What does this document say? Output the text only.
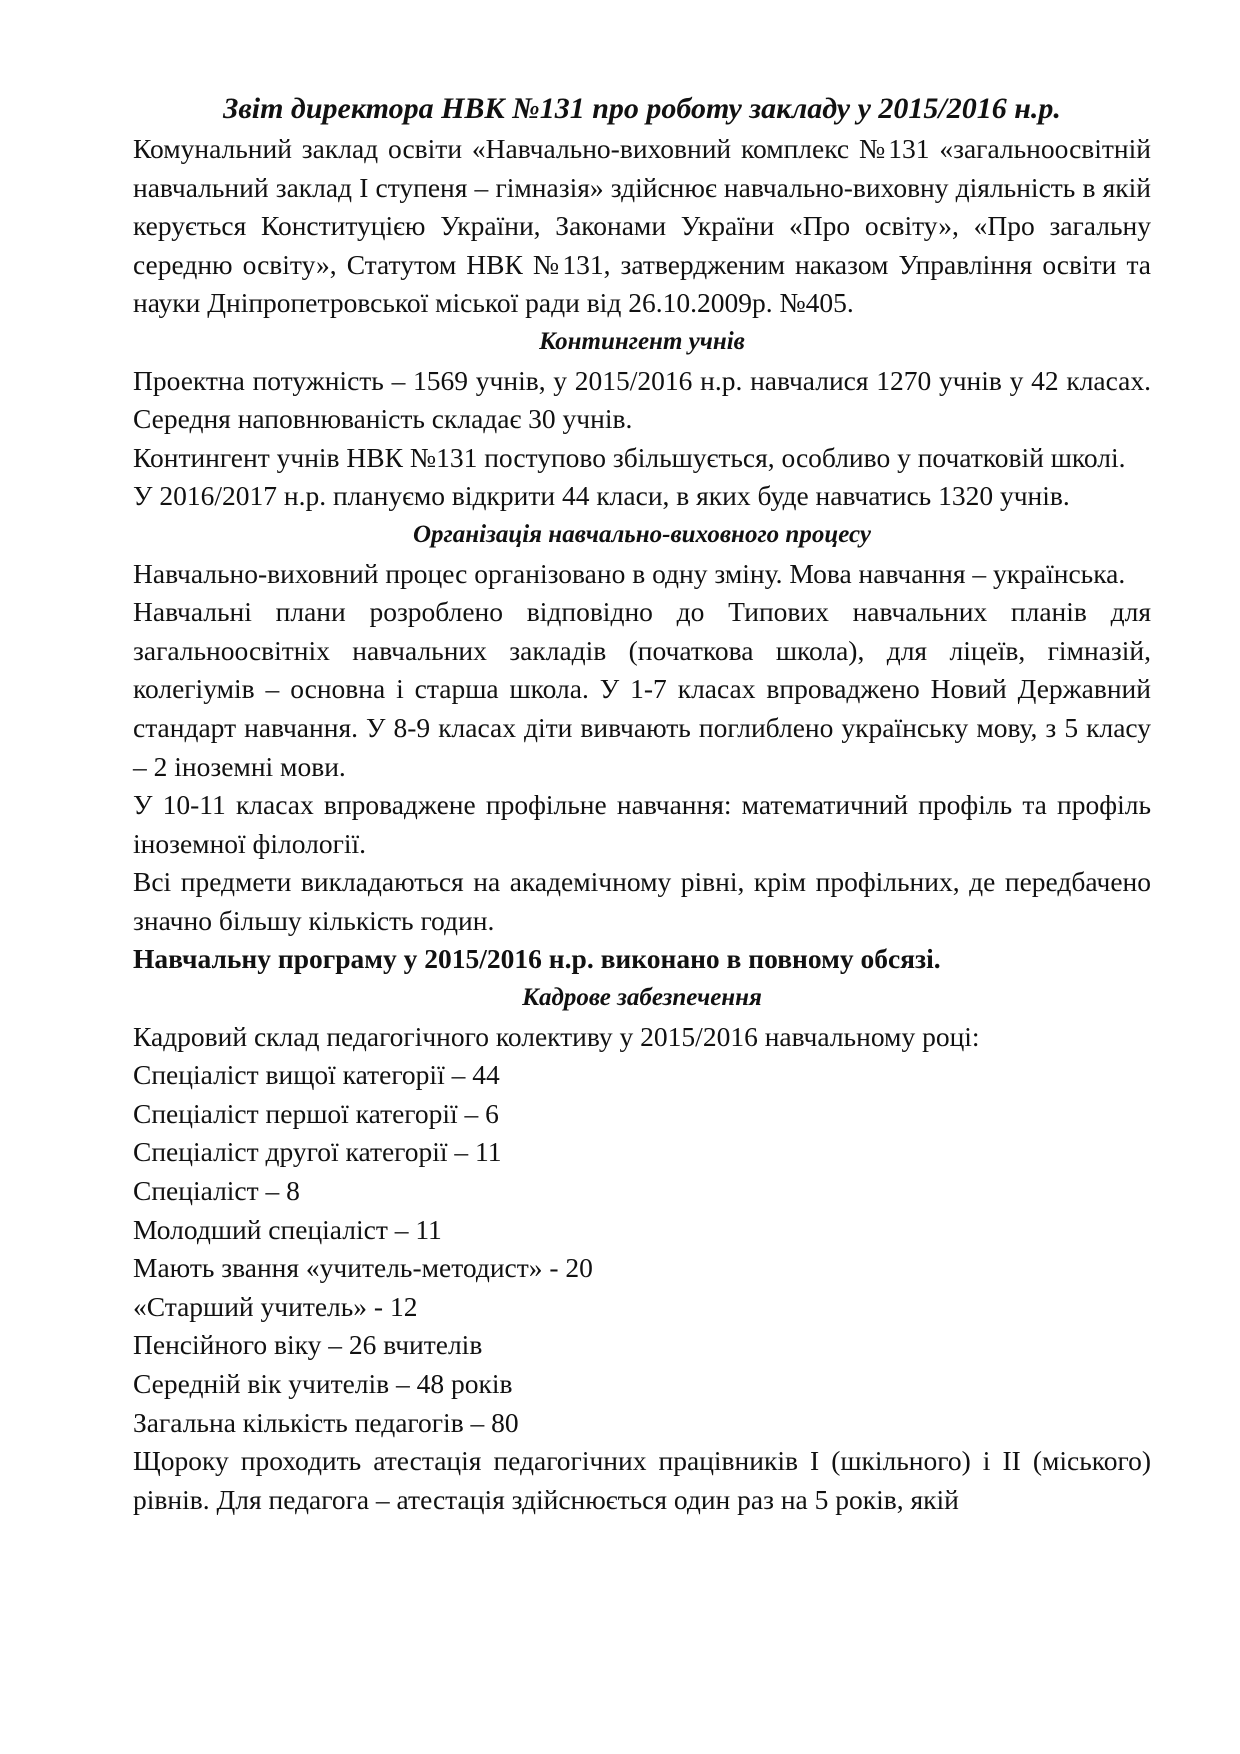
Звіт директора НВК №131 про роботу закладу у 2015/2016 н.р.

Комунальний заклад освіти «Навчально-виховний комплекс №131 «загальноосвітній навчальний заклад І ступеня – гімназія» здійснює навчально-виховну діяльність в якій керується Конституцією України, Законами України «Про освіту», «Про загальну середню освіту», Статутом НВК №131, затвердженим наказом Управління освіти та науки Дніпропетровської міської ради від 26.10.2009р. №405.

Контингент учнів

Проектна потужність – 1569 учнів, у 2015/2016 н.р. навчалися 1270 учнів у 42 класах. Середня наповнюваність складає 30 учнів.

Контингент учнів НВК №131 поступово збільшується, особливо у початковій школі.

У 2016/2017 н.р. плануємо відкрити 44 класи, в яких буде навчатись 1320 учнів.

Організація навчально-виховного процесу

Навчально-виховний процес організовано в одну зміну. Мова навчання – українська.

Навчальні плани розроблено відповідно до Типових навчальних планів для загальноосвітніх навчальних закладів (початкова школа), для ліцеїв, гімназій, колегіумів – основна і старша школа. У 1-7 класах впроваджено Новий Державний стандарт навчання. У 8-9 класах діти вивчають поглиблено українську мову, з 5 класу – 2 іноземні мови.

У 10-11 класах впроваджене профільне навчання: математичний профіль та профіль іноземної філології.

Всі предмети викладаються на академічному рівні, крім профільних, де передбачено значно більшу кількість годин.

Навчальну програму у 2015/2016 н.р. виконано в повному обсязі.

Кадрове забезпечення

Кадровий склад педагогічного колективу у 2015/2016 навчальному році:

Спеціаліст вищої категорії – 44

Спеціаліст першої категорії – 6

Спеціаліст другої категорії – 11

Спеціаліст – 8

Молодший спеціаліст – 11

Мають звання «учитель-методист» - 20

«Старший учитель» - 12

Пенсійного віку – 26 вчителів

Середній вік учителів – 48 років

Загальна кількість педагогів – 80

Щороку проходить атестація педагогічних працівників І (шкільного) і ІІ (міського) рівнів. Для педагога – атестація здійснюється один раз на 5 років, якій
